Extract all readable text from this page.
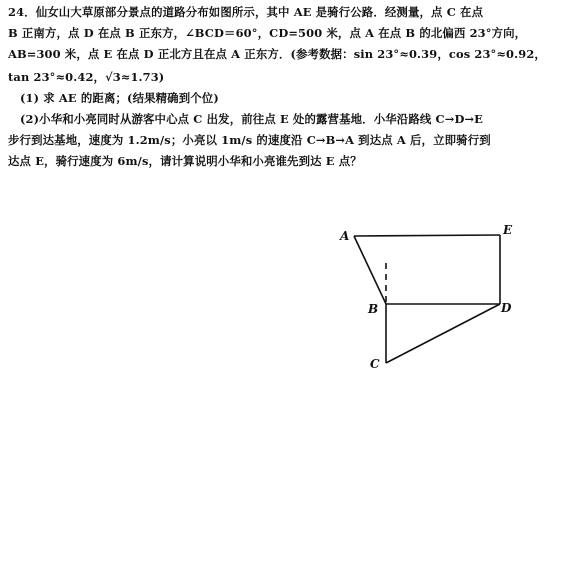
24．仙女山大草原部分景点的道路分布如图所示，其中 AE 是骑行公路．经测量，点 C 在点
B 正南方，点 D 在点 B 正东方，∠BCD＝60°，CD=500 米，点 A 在点 B 的北偏西 23°方向，
AB=300 米，点 E 在点 D 正北方且在点 A 正东方．(参考数据：sin 23°≈0.39，cos 23°≈0.92，
tan 23°≈0.42，√3≈1.73)
(1) 求 AE 的距离；(结果精确到个位)
(2)小华和小亮同时从游客中心点 C 出发，前往点 E 处的露营基地．小华沿路线 C→D→E
步行到达基地，速度为 1.2m/s；小亮以 1m/s 的速度沿 C→B→A 到达点 A 后，立即骑行到
达点 E，骑行速度为 6m/s，请计算说明小华和小亮谁先到达 E 点？
A	E
B	D
C
